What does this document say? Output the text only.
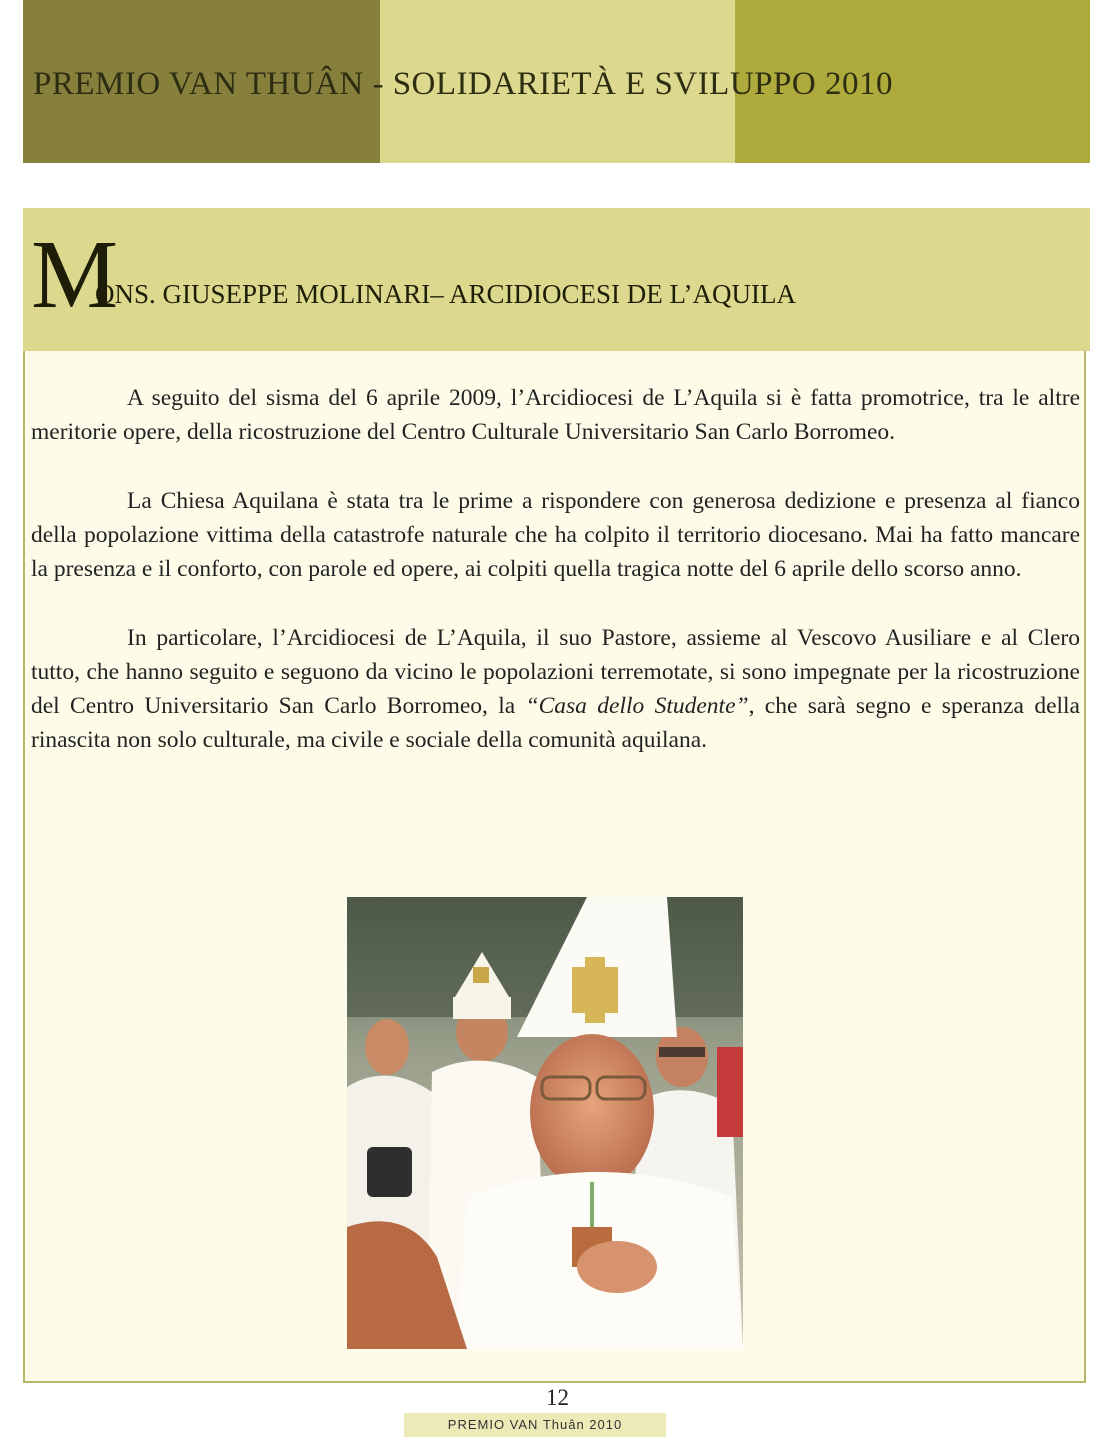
PREMIO VAN THUÂN - SOLIDARIETÀ E SVILUPPO 2010
M
ONS. GIUSEPPE MOLINARI– ARCIDIOCESI DE L’AQUILA

A seguito del sisma del 6 aprile 2009, l’Arcidiocesi de L’Aquila si è fatta promotrice, tra le altre meritorie opere, della ricostruzione del Centro Culturale Universitario San Carlo Borromeo.

La Chiesa Aquilana è stata tra le prime a rispondere con generosa dedizione e presenza al fianco della popolazione vittima della catastrofe naturale che ha colpito il territorio diocesano. Mai ha fatto mancare la presenza e il conforto, con parole ed opere, ai colpiti quella tragica notte del 6 aprile dello scorso anno.

In particolare, l’Arcidiocesi de L’Aquila, il suo Pastore, assieme al Vescovo Ausiliare e al Clero tutto, che hanno seguito e seguono da vicino le popolazioni terremotate, si sono impegnate per la ricostruzione del Centro Universitario San Carlo Borromeo, la “Casa dello Studente”, che sarà segno e speranza della rinascita non solo culturale, ma civile e sociale della comunità aquilana.

12
PREMIO VAN Thuân 2010
